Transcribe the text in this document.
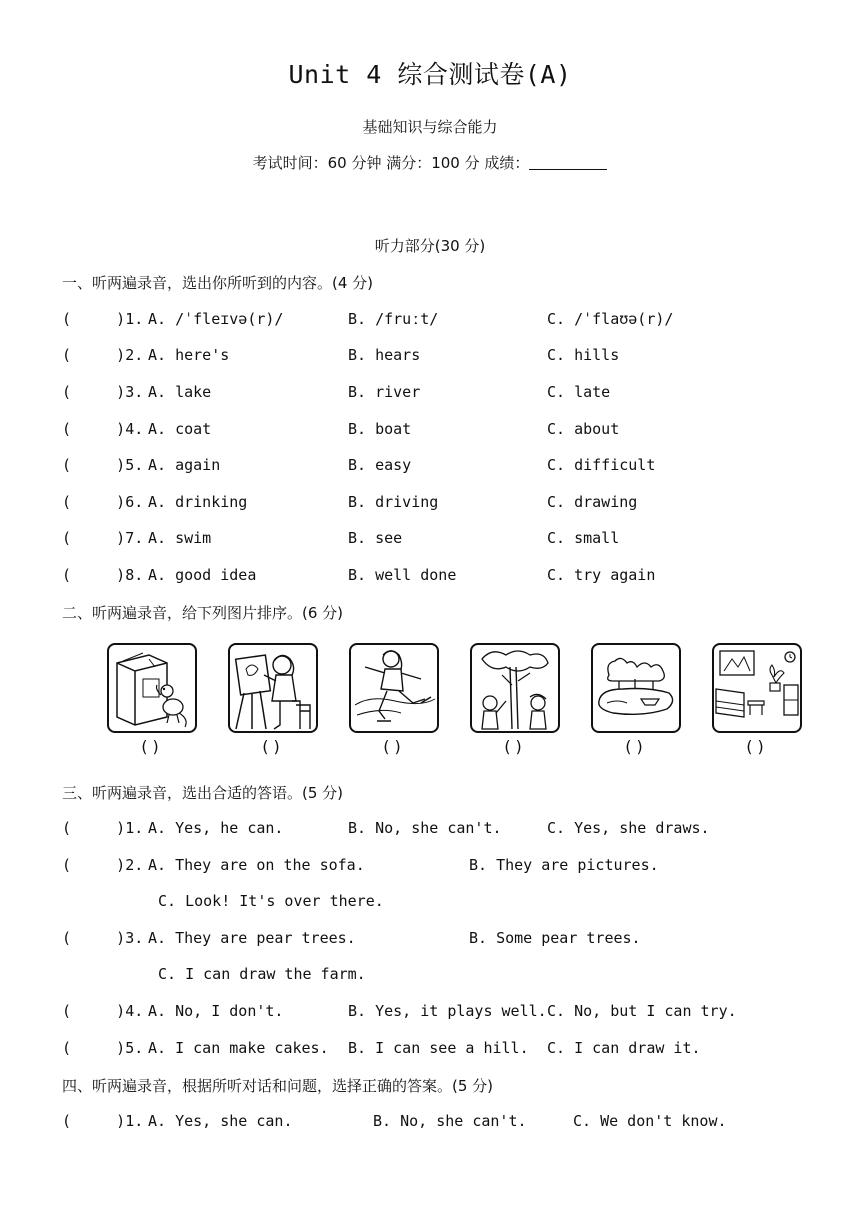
Unit 4 综合测试卷(A)
基础知识与综合能力
考试时间：60 分钟 满分：100 分 成绩：
听力部分(30 分)
一、听两遍录音，选出你所听到的内容。(4 分)
(     )1. A. /ˈfleɪvə(r)/	B. /fruːt/	C. /ˈflaʊə(r)/
(     )2. A. here's	B. hears	C. hills
(     )3. A. lake	B. river	C. late
(     )4. A. coat	B. boat	C. about
(     )5. A. again	B. easy	C. difficult
(     )6. A. drinking	B. driving	C. drawing
(     )7. A. swim	B. see	C. small
(     )8. A. good idea	B. well done	C. try again
二、听两遍录音，给下列图片排序。(6 分)
( )	( )	( )	( )	( )	( )
三、听两遍录音，选出合适的答语。(5 分)
(     )1. A. Yes, he can.	B. No, she can't.	C. Yes, she draws.
(     )2. A. They are on the sofa.	B. They are pictures.
C. Look! It's over there.
(     )3. A. They are pear trees.	B. Some pear trees.
C. I can draw the farm.
(     )4. A. No, I don't.	B. Yes, it plays well. C. No, but I can try.
(     )5. A. I can make cakes. B. I can see a hill. C. I can draw it.
四、听两遍录音，根据所听对话和问题，选择正确的答案。(5 分)
(     )1. A. Yes, she can.	B. No, she can't.	C. We don't know.
